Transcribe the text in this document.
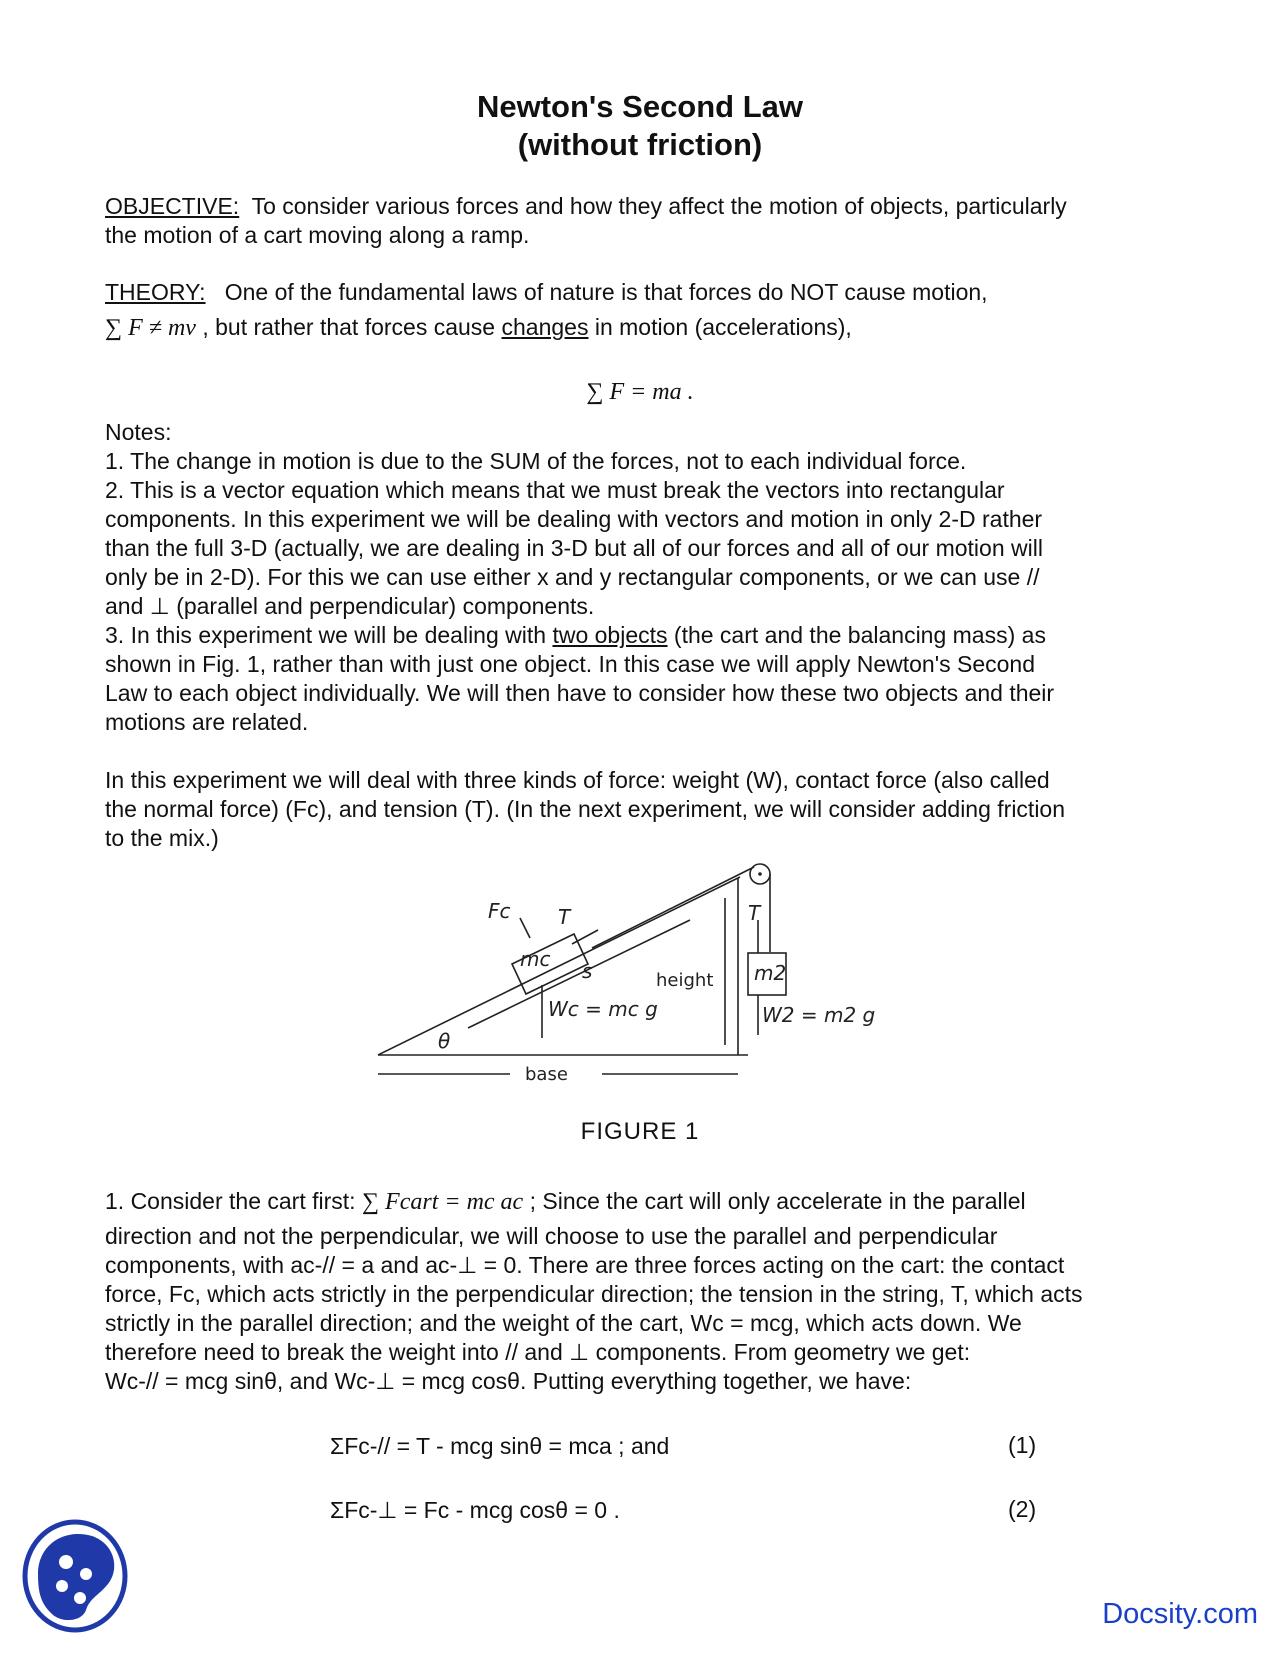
Newton's Second Law
(without friction)
OBJECTIVE: To consider various forces and how they affect the motion of objects, particularly
the motion of a cart moving along a ramp.
THEORY: One of the fundamental laws of nature is that forces do NOT cause motion,
∑ F ≠ mv , but rather that forces cause changes in motion (accelerations),
∑ F = ma .
Notes:
1. The change in motion is due to the SUM of the forces, not to each individual force.
2. This is a vector equation which means that we must break the vectors into rectangular
components. In this experiment we will be dealing with vectors and motion in only 2-D rather
than the full 3-D (actually, we are dealing in 3-D but all of our forces and all of our motion will
only be in 2-D). For this we can use either x and y rectangular components, or we can use //
and ⊥ (parallel and perpendicular) components.
3. In this experiment we will be dealing with two objects (the cart and the balancing mass) as
shown in Fig. 1, rather than with just one object. In this case we will apply Newton's Second
Law to each object individually. We will then have to consider how these two objects and their
motions are related.
In this experiment we will deal with three kinds of force: weight (W), contact force (also called
the normal force) (Fc), and tension (T). (In the next experiment, we will consider adding friction
to the mix.)
Fc T
mc s	m2
T
Wc = mc g	W2 = m2 g
θ
height
base
FIGURE 1
1. Consider the cart first: ∑ Fcart = mc ac ; Since the cart will only accelerate in the parallel
direction and not the perpendicular, we will choose to use the parallel and perpendicular
components, with ac-// = a and ac-⊥ = 0. There are three forces acting on the cart: the contact
force, Fc, which acts strictly in the perpendicular direction; the tension in the string, T, which acts
strictly in the parallel direction; and the weight of the cart, Wc = mcg, which acts down. We
therefore need to break the weight into // and ⊥ components. From geometry we get:
Wc-// = mcg sinθ, and Wc-⊥ = mcg cosθ. Putting everything together, we have:
ΣFc-// = T - mcg sinθ = mca ; and	(1)
ΣFc-⊥ = Fc - mcg cosθ = 0 .	(2)
Docsity.com
